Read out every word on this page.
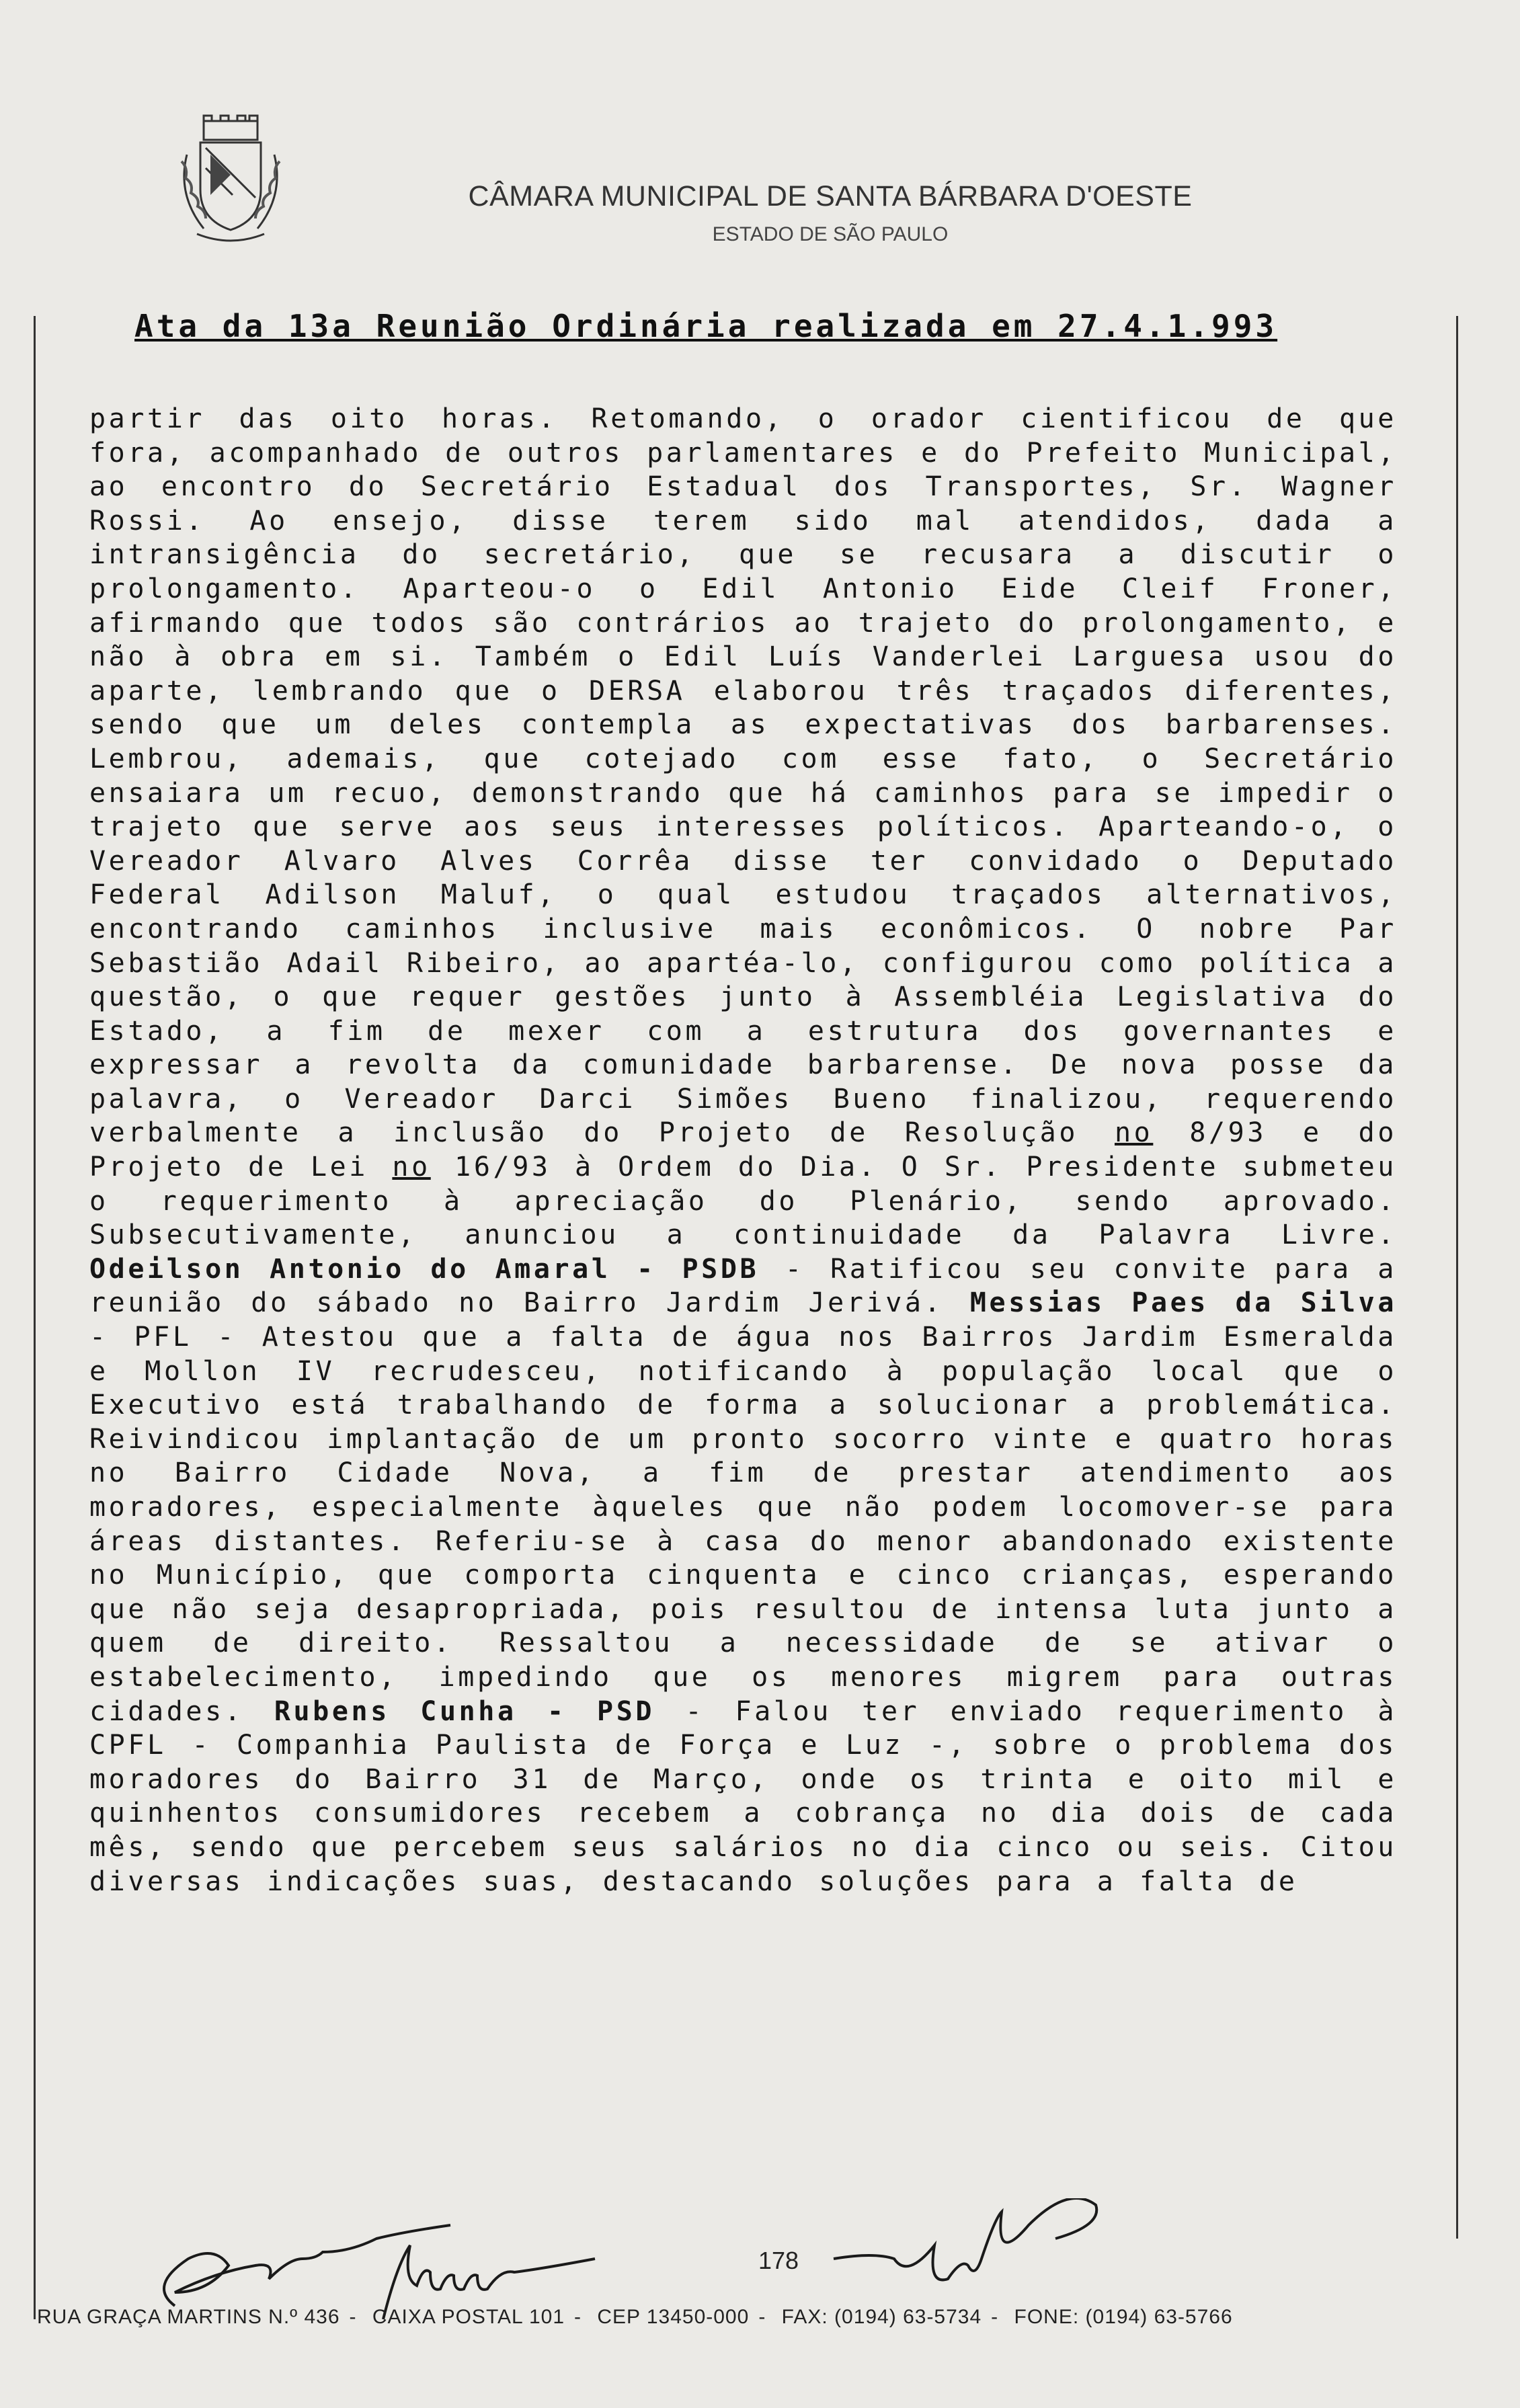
CÂMARA MUNICIPAL DE SANTA BÁRBARA D'OESTE
ESTADO DE SÃO PAULO
Ata da 13a Reunião Ordinária realizada em 27.4.1.993
partir das oito horas. Retomando, o orador cientificou de que fora, acompanhado de outros parlamentares e do Prefeito Municipal, ao encontro do Secretário Estadual dos Transportes, Sr. Wagner Rossi. Ao ensejo, disse terem sido mal atendidos, dada a intransigência do secretário, que se recusara a discutir o prolongamento. Aparteou-o o Edil Antonio Eide Cleif Froner, afirmando que todos são contrários ao trajeto do prolongamento, e não à obra em si. Também o Edil Luís Vanderlei Larguesa usou do aparte, lembrando que o DERSA elaborou três traçados diferentes, sendo que um deles contempla as expectativas dos barbarenses. Lembrou, ademais, que cotejado com esse fato, o Secretário ensaiara um recuo, demonstrando que há caminhos para se impedir o trajeto que serve aos seus interesses políticos. Aparteando-o, o Vereador Alvaro Alves Corrêa disse ter convidado o Deputado Federal Adilson Maluf, o qual estudou traçados alternativos, encontrando caminhos inclusive mais econômicos. O nobre Par Sebastião Adail Ribeiro, ao apartéa-lo, configurou como política a questão, o que requer gestões junto à Assembléia Legislativa do Estado, a fim de mexer com a estrutura dos governantes e expressar a revolta da comunidade barbarense. De nova posse da palavra, o Vereador Darci Simões Bueno finalizou, requerendo verbalmente a inclusão do Projeto de Resolução no 8/93 e do Projeto de Lei no 16/93 à Ordem do Dia. O Sr. Presidente submeteu o requerimento à apreciação do Plenário, sendo aprovado. Subsecutivamente, anunciou a continuidade da Palavra Livre. Odeilson Antonio do Amaral - PSDB - Ratificou seu convite para a reunião do sábado no Bairro Jardim Jerivá. Messias Paes da Silva - PFL - Atestou que a falta de água nos Bairros Jardim Esmeralda e Mollon IV recrudesceu, notificando à população local que o Executivo está trabalhando de forma a solucionar a problemática. Reivindicou implantação de um pronto socorro vinte e quatro horas no Bairro Cidade Nova, a fim de prestar atendimento aos moradores, especialmente àqueles que não podem locomover-se para áreas distantes. Referiu-se à casa do menor abandonado existente no Município, que comporta cinquenta e cinco crianças, esperando que não seja desapropriada, pois resultou de intensa luta junto a quem de direito. Ressaltou a necessidade de se ativar o estabelecimento, impedindo que os menores migrem para outras cidades. Rubens Cunha - PSD - Falou ter enviado requerimento à CPFL - Companhia Paulista de Força e Luz -, sobre o problema dos moradores do Bairro 31 de Março, onde os trinta e oito mil e quinhentos consumidores recebem a cobrança no dia dois de cada mês, sendo que percebem seus salários no dia cinco ou seis. Citou diversas indicações suas, destacando soluções para a falta de
178
RUA GRAÇA MARTINS N.º 436 - CAIXA POSTAL 101 - CEP 13450-000 - FAX: (0194) 63-5734 - FONE: (0194) 63-5766
